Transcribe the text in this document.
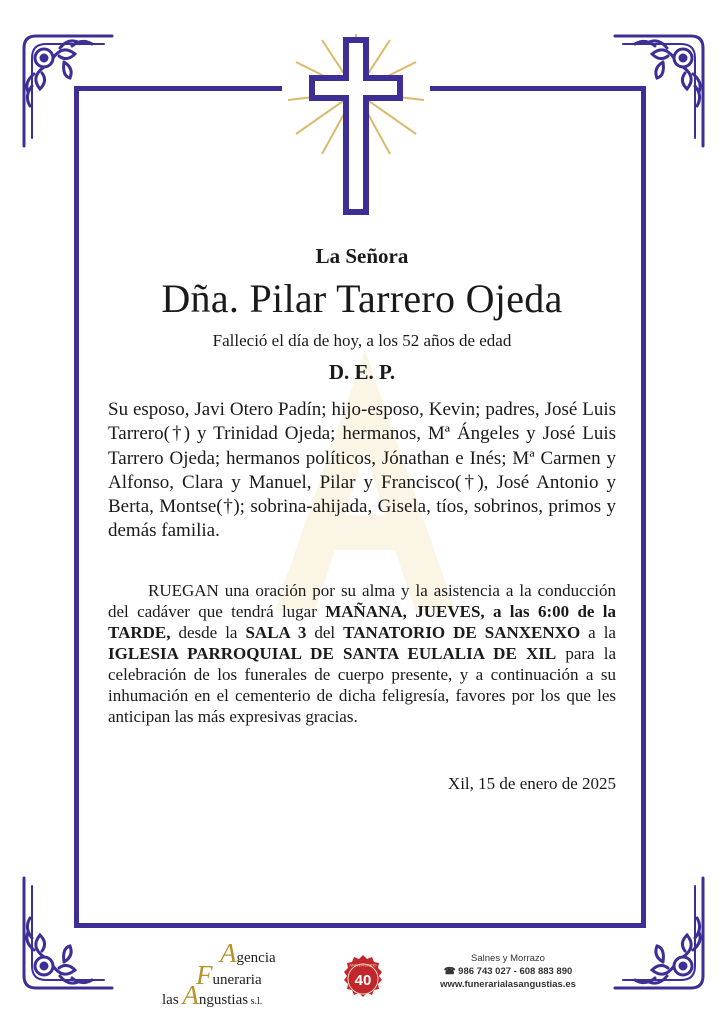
La Señora
Dña. Pilar Tarrero Ojeda
Falleció el día de hoy, a los 52 años de edad
D. E. P.
Su esposo, Javi Otero Padín; hijo-esposo, Kevin; padres, José Luis Tarrero(†) y Trinidad Ojeda; hermanos, Mª Ángeles y José Luis Tarrero Ojeda; hermanos políticos, Jónathan e Inés; Mª Carmen y Alfonso, Clara y Manuel, Pilar y Francisco(†), José Antonio y Berta, Montse(†); sobrina-ahijada, Gisela, tíos, sobrinos, primos y demás familia.
RUEGAN una oración por su alma y la asistencia a la conducción del cadáver que tendrá lugar MAÑANA, JUEVES, a las 6:00 de la TARDE, desde la SALA 3 del TANATORIO DE SANXENXO a la IGLESIA PARROQUIAL DE SANTA EULALIA DE XIL para la celebración de los funerales de cuerpo presente, y a continuación a su inhumación en el cementerio de dicha feligresía, favores por los que les anticipan las más expresivas gracias.
Xil, 15 de enero de 2025
Agencia
Funeraria
las Angustias s.l.
ANIVERSARIO
40
Salnes y Morrazo
☎ 986 743 027 - 608 883 890
www.funerarialasangustias.es
